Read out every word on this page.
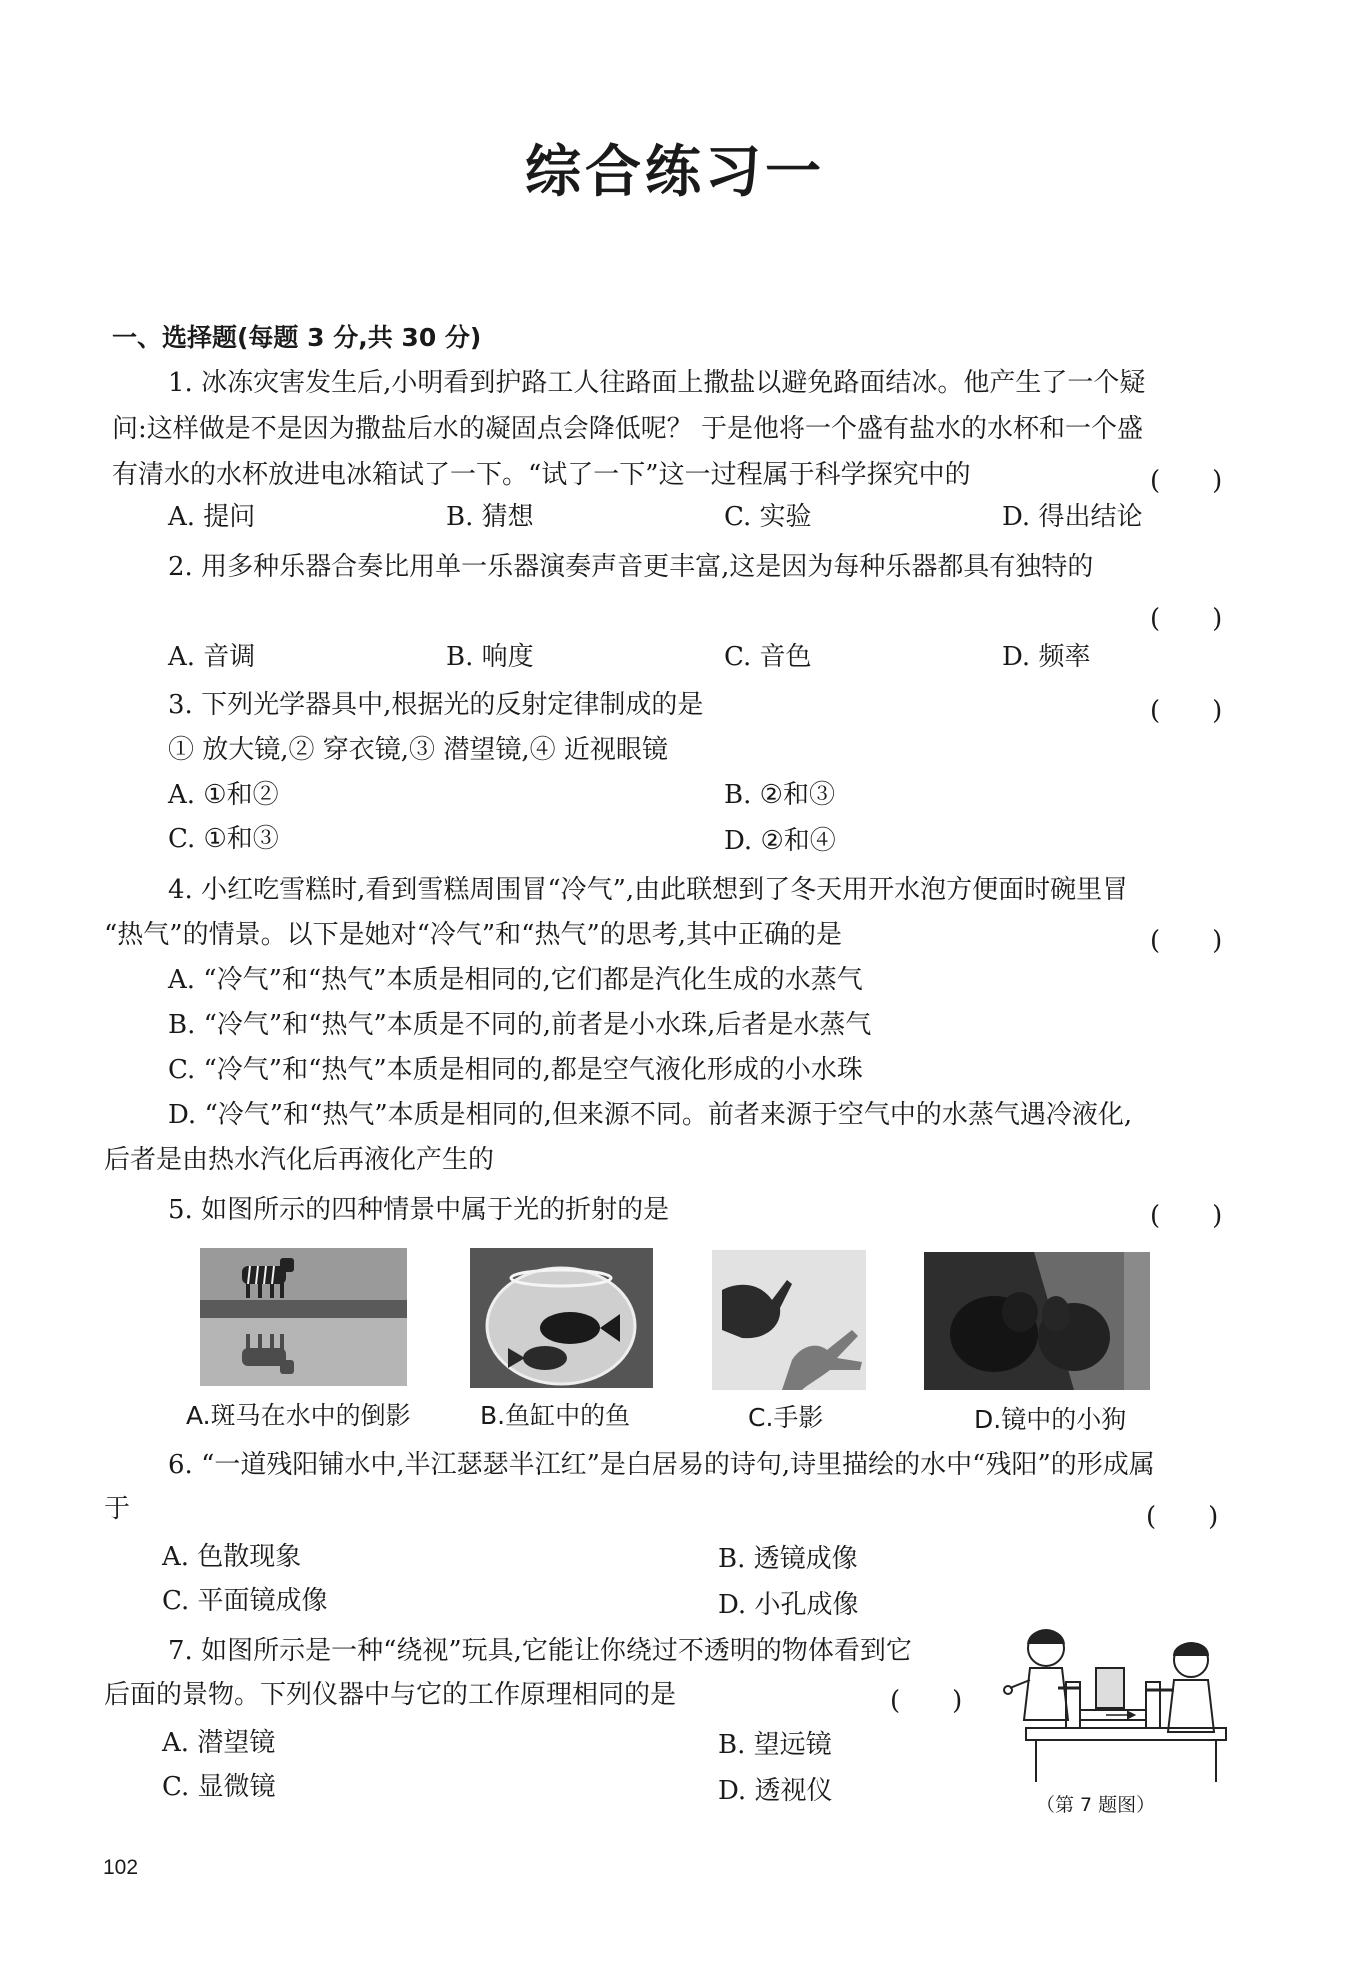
综合练习一
一、选择题(每题 3 分,共 30 分)
1. 冰冻灾害发生后,小明看到护路工人往路面上撒盐以避免路面结冰。他产生了一个疑
问:这样做是不是因为撒盐后水的凝固点会降低呢？ 于是他将一个盛有盐水的水杯和一个盛
有清水的水杯放进电冰箱试了一下。“试了一下”这一过程属于科学探究中的	(　　)
A. 提问	B. 猜想	C. 实验	D. 得出结论
2. 用多种乐器合奏比用单一乐器演奏声音更丰富,这是因为每种乐器都具有独特的
(　　)
A. 音调	B. 响度	C. 音色	D. 频率
3. 下列光学器具中,根据光的反射定律制成的是	(　　)
① 放大镜,② 穿衣镜,③ 潜望镜,④ 近视眼镜
A. ①和②	B. ②和③
C. ①和③	D. ②和④
4. 小红吃雪糕时,看到雪糕周围冒“冷气”,由此联想到了冬天用开水泡方便面时碗里冒
“热气”的情景。以下是她对“冷气”和“热气”的思考,其中正确的是	(　　)
A. “冷气”和“热气”本质是相同的,它们都是汽化生成的水蒸气
B. “冷气”和“热气”本质是不同的,前者是小水珠,后者是水蒸气
C. “冷气”和“热气”本质是相同的,都是空气液化形成的小水珠
D. “冷气”和“热气”本质是相同的,但来源不同。前者来源于空气中的水蒸气遇冷液化,
后者是由热水汽化后再液化产生的
5. 如图所示的四种情景中属于光的折射的是	(　　)
A.斑马在水中的倒影	B.鱼缸中的鱼	C.手影	D.镜中的小狗
6. “一道残阳铺水中,半江瑟瑟半江红”是白居易的诗句,诗里描绘的水中“残阳”的形成属
于	(　　)
A. 色散现象	B. 透镜成像
C. 平面镜成像	D. 小孔成像
7. 如图所示是一种“绕视”玩具,它能让你绕过不透明的物体看到它
后面的景物。下列仪器中与它的工作原理相同的是	(　　)
A. 潜望镜	B. 望远镜
C. 显微镜	D. 透视仪	（第 7 题图）
102
